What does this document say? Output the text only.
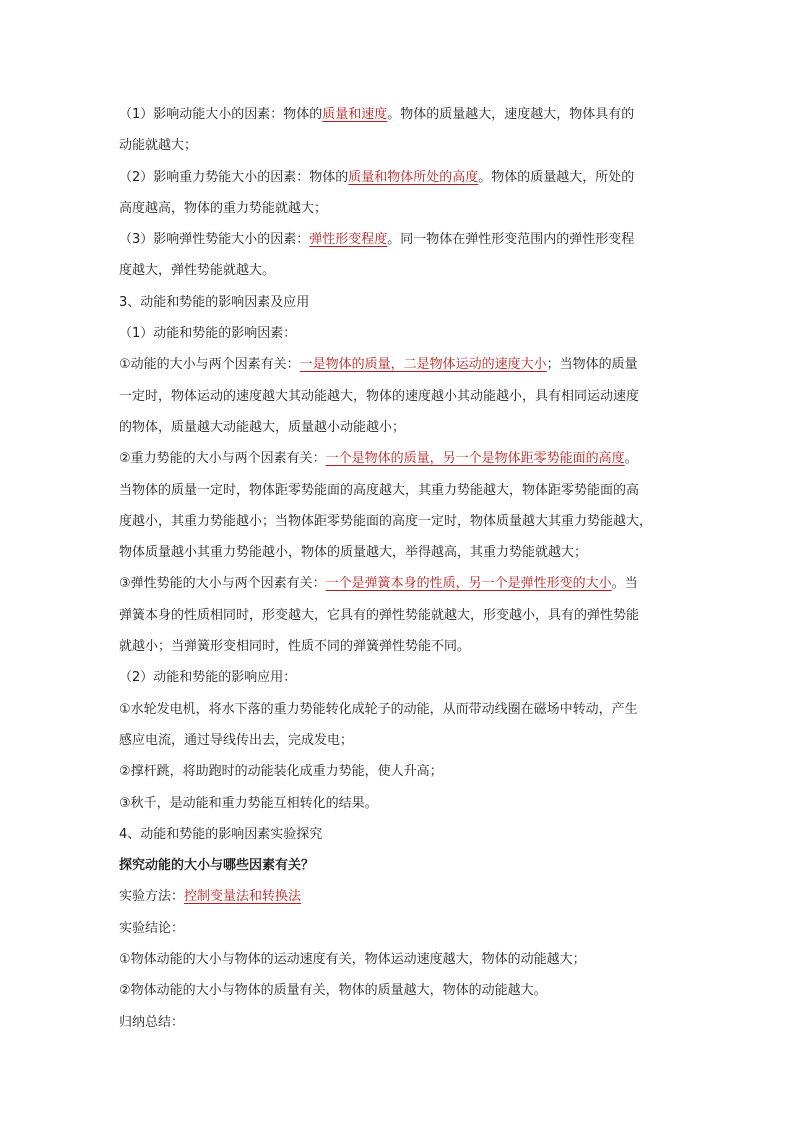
（1）影响动能大小的因素：物体的质量和速度。物体的质量越大，速度越大，物体具有的
动能就越大；
（2）影响重力势能大小的因素：物体的质量和物体所处的高度。物体的质量越大，所处的
高度越高，物体的重力势能就越大；
（3）影响弹性势能大小的因素：弹性形变程度。同一物体在弹性形变范围内的弹性形变程
度越大，弹性势能就越大。
3、动能和势能的影响因素及应用
（1）动能和势能的影响因素：
①动能的大小与两个因素有关：一是物体的质量，二是物体运动的速度大小；当物体的质量
一定时，物体运动的速度越大其动能越大，物体的速度越小其动能越小，具有相同运动速度
的物体，质量越大动能越大，质量越小动能越小；
②重力势能的大小与两个因素有关：一个是物体的质量，另一个是物体距零势能面的高度。
当物体的质量一定时，物体距零势能面的高度越大，其重力势能越大，物体距零势能面的高
度越小，其重力势能越小；当物体距零势能面的高度一定时，物体质量越大其重力势能越大，
物体质量越小其重力势能越小，物体的质量越大，举得越高，其重力势能就越大；
③弹性势能的大小与两个因素有关：一个是弹簧本身的性质，另一个是弹性形变的大小。当
弹簧本身的性质相同时，形变越大，它具有的弹性势能就越大，形变越小，具有的弹性势能
就越小；当弹簧形变相同时，性质不同的弹簧弹性势能不同。
（2）动能和势能的影响应用：
①水轮发电机，将水下落的重力势能转化成轮子的动能，从而带动线圈在磁场中转动，产生
感应电流，通过导线传出去，完成发电；
②撑杆跳，将助跑时的动能装化成重力势能，使人升高；
③秋千，是动能和重力势能互相转化的结果。
4、动能和势能的影响因素实验探究
探究动能的大小与哪些因素有关？
实验方法：控制变量法和转换法
实验结论：
①物体动能的大小与物体的运动速度有关，物体运动速度越大，物体的动能越大；
②物体动能的大小与物体的质量有关，物体的质量越大，物体的动能越大。
归纳总结：
